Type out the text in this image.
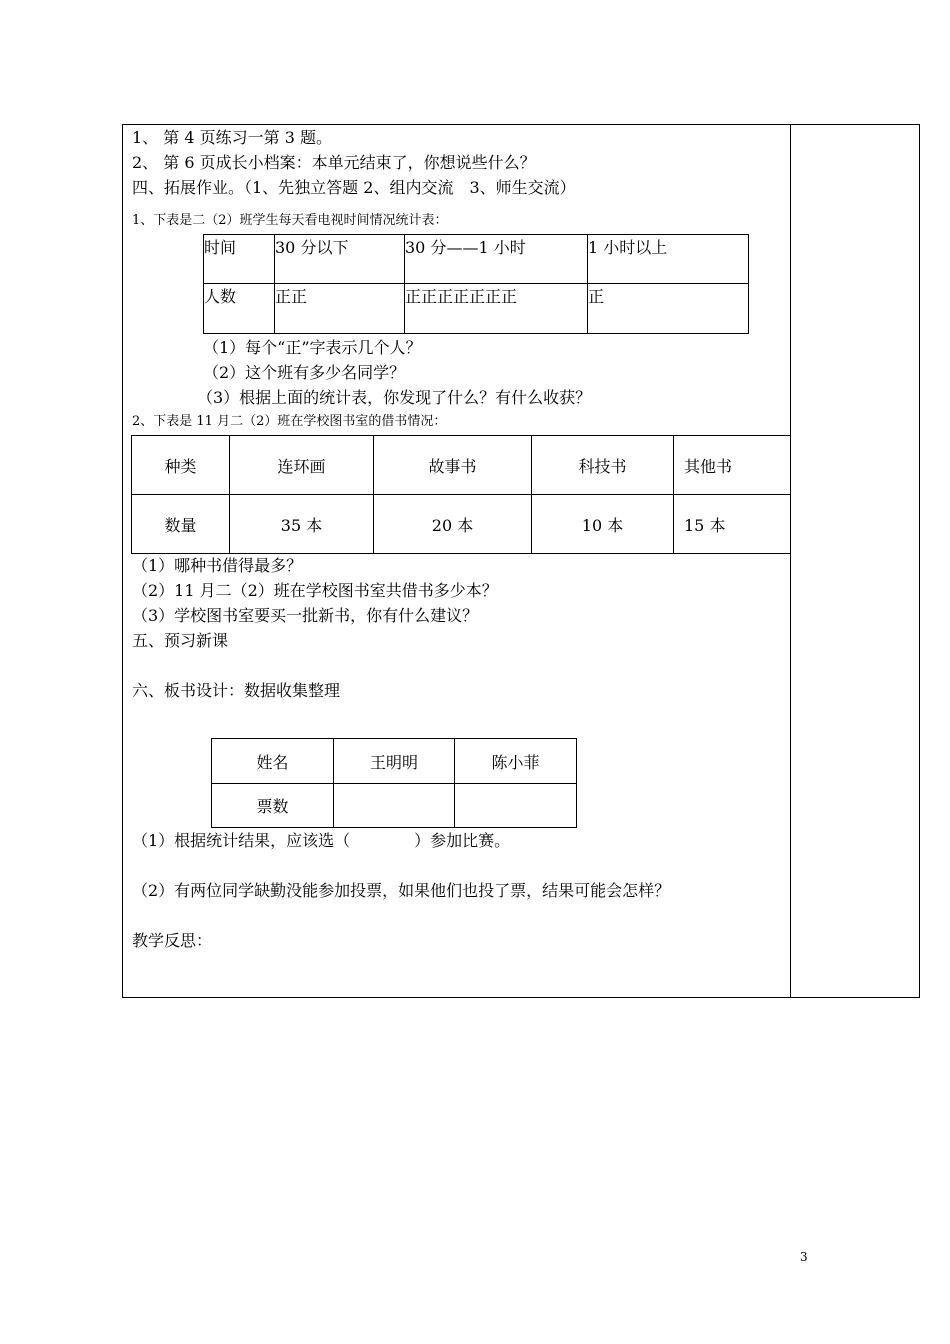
1、 第 4 页练习一第 3 题。
2、 第 6 页成长小档案：本单元结束了，你想说些什么？
四、拓展作业。（1、先独立答题 2、组内交流　3、师生交流）
1、下表是二（2）班学生每天看电视时间情况统计表：
时间	30 分以下	30 分——1 小时	1 小时以上
人数	正正	正正正正正正正	正
（1）每个“正”字表示几个人？
（2）这个班有多少名同学？
（3）根据上面的统计表，你发现了什么？有什么收获？
2、下表是 11 月二（2）班在学校图书室的借书情况：
种类	连环画	故事书	科技书	其他书
数量	35 本	20 本	10 本	15 本
（1）哪种书借得最多？
（2）11 月二（2）班在学校图书室共借书多少本？
（3）学校图书室要买一批新书，你有什么建议？
五、预习新课
六、板书设计：数据收集整理
姓名	王明明	陈小菲
票数		
（1）根据统计结果，应该选（　　　　）参加比赛。
（2）有两位同学缺勤没能参加投票，如果他们也投了票，结果可能会怎样？
教学反思：
3
